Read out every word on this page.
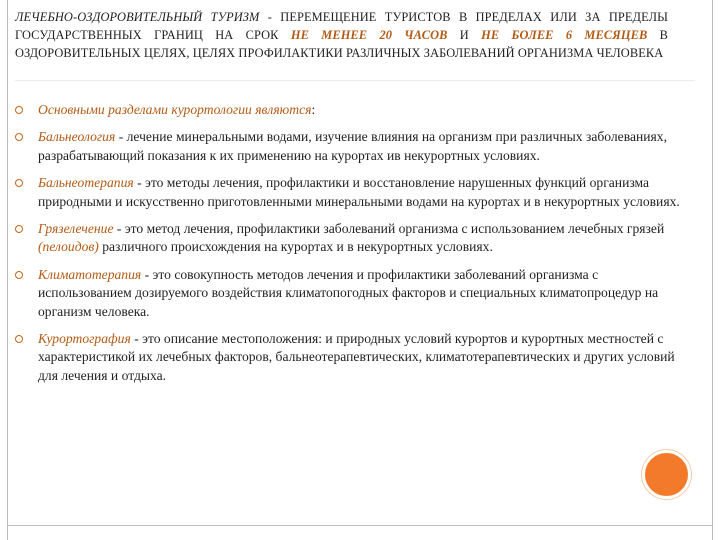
ЛЕЧЕБНО-ОЗДОРОВИТЕЛЬНЫЙ ТУРИЗМ - ПЕРЕМЕЩЕНИЕ ТУРИСТОВ В ПРЕДЕЛАХ ИЛИ ЗА ПРЕДЕЛЫ ГОСУДАРСТВЕННЫХ ГРАНИЦ НА СРОК НЕ МЕНЕЕ 20 ЧАСОВ И НЕ БОЛЕЕ 6 МЕСЯЦЕВ В ОЗДОРОВИТЕЛЬНЫХ ЦЕЛЯХ, ЦЕЛЯХ ПРОФИЛАКТИКИ РАЗЛИЧНЫХ ЗАБОЛЕВАНИЙ ОРГАНИЗМА ЧЕЛОВЕКА
Основными разделами курортологии являются:
Бальнеология - лечение минеральными водами, изучение влияния на организм при различных заболеваниях, разрабатывающий показания к их применению на курортах ив некурортных условиях.
Бальнеотерапия - это методы лечения, профилактики и восстановление нарушенных функций организма природными и искусственно приготовленными минеральными водами на курортах и в некурортных условиях.
Грязелечение - это метод лечения, профилактики заболеваний организма с использованием лечебных грязей (пелоидов) различного происхождения на курортах и в некурортных условиях.
Климатотерапия - это совокупность методов лечения и профилактики заболеваний организма с использованием дозируемого воздействия климатопогодных факторов и специальных климатопроцедур на организм человека.
Курортография - это описание местоположения: и природных условий курортов и курортных местностей с характеристикой их лечебных факторов, бальнеотерапевтических, климатотерапевтических и других условий для лечения и отдыха.
